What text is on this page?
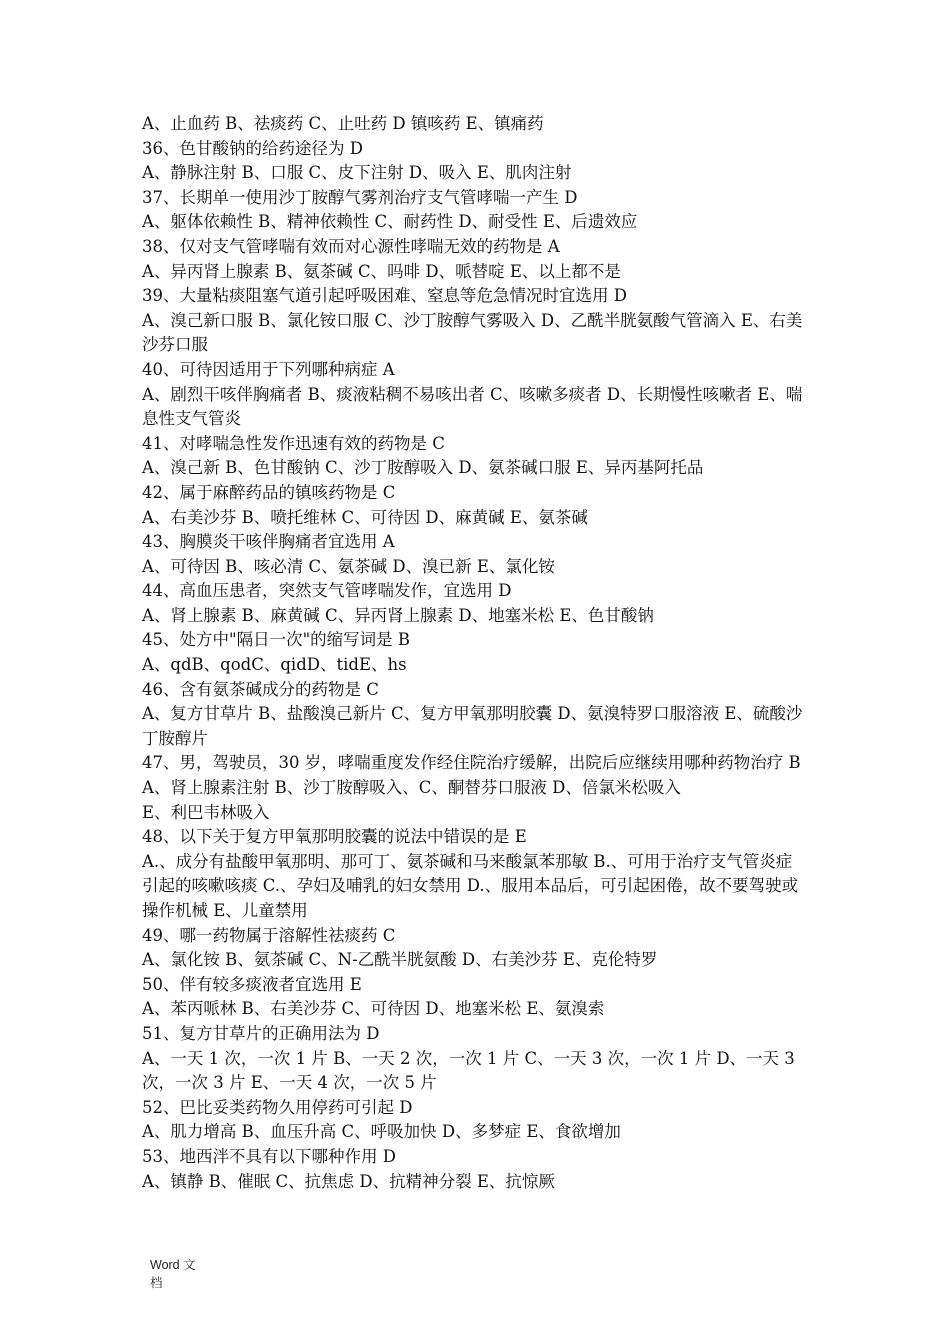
A、止血药 B、祛痰药 C、止吐药 D 镇咳药 E、镇痛药

36、色甘酸钠的给药途径为 D

A、静脉注射 B、口服 C、皮下注射 D、吸入 E、肌肉注射

37、长期单一使用沙丁胺醇气雾剂治疗支气管哮喘一产生 D

A、躯体依赖性 B、精神依赖性 C、耐药性 D、耐受性 E、后遗效应

38、仅对支气管哮喘有效而对心源性哮喘无效的药物是 A

A、异丙肾上腺素 B、氨茶碱 C、吗啡 D、哌替啶 E、以上都不是

39、大量粘痰阻塞气道引起呼吸困难、窒息等危急情况时宜选用 D

A、溴己新口服 B、氯化铵口服 C、沙丁胺醇气雾吸入 D、乙酰半胱氨酸气管滴入 E、右美沙芬口服

40、可待因适用于下列哪种病症 A

A、剧烈干咳伴胸痛者 B、痰液粘稠不易咳出者 C、咳嗽多痰者 D、长期慢性咳嗽者 E、喘息性支气管炎

41、对哮喘急性发作迅速有效的药物是 C

A、溴己新 B、色甘酸钠 C、沙丁胺醇吸入 D、氨茶碱口服 E、异丙基阿托品

42、属于麻醉药品的镇咳药物是 C

A、右美沙芬 B、喷托维林 C、可待因 D、麻黄碱 E、氨茶碱

43、胸膜炎干咳伴胸痛者宜选用 A

A、可待因 B、咳必清 C、氨茶碱 D、溴已新 E、氯化铵

44、高血压患者，突然支气管哮喘发作，宜选用 D

A、肾上腺素 B、麻黄碱 C、异丙肾上腺素 D、地塞米松 E、色甘酸钠

45、处方中"隔日一次"的缩写词是 B

A、qdB、qodC、qidD、tidE、hs

46、含有氨茶碱成分的药物是 C

A、复方甘草片 B、盐酸溴己新片 C、复方甲氧那明胶囊 D、氨溴特罗口服溶液 E、硫酸沙丁胺醇片

47、男，驾驶员，30 岁，哮喘重度发作经住院治疗缓解，出院后应继续用哪种药物治疗 B

A、肾上腺素注射 B、沙丁胺醇吸入、C、酮替芬口服液 D、倍氯米松吸入

E、利巴韦林吸入

48、以下关于复方甲氧那明胶囊的说法中错误的是 E

A.、成分有盐酸甲氧那明、那可丁、氨茶碱和马来酸氯苯那敏 B.、可用于治疗支气管炎症引起的咳嗽咳痰 C.、孕妇及哺乳的妇女禁用 D.、服用本品后，可引起困倦，故不要驾驶或操作机械 E、儿童禁用

49、哪一药物属于溶解性祛痰药 C

A、氯化铵 B、氨茶碱 C、N-乙酰半胱氨酸 D、右美沙芬 E、克伦特罗

50、伴有较多痰液者宜选用 E

A、苯丙哌林 B、右美沙芬 C、可待因 D、地塞米松 E、氨溴索

51、复方甘草片的正确用法为 D

A、一天 1 次，一次 1 片 B、一天 2 次，一次 1 片 C、一天 3 次，一次 1 片 D、一天 3 次，一次 3 片 E、一天 4 次，一次 5 片

52、巴比妥类药物久用停药可引起 D

A、肌力增高 B、血压升高 C、呼吸加快 D、多梦症 E、食欲增加

53、地西泮不具有以下哪种作用 D

A、镇静 B、催眠 C、抗焦虑 D、抗精神分裂 E、抗惊厥

Word 文
档
